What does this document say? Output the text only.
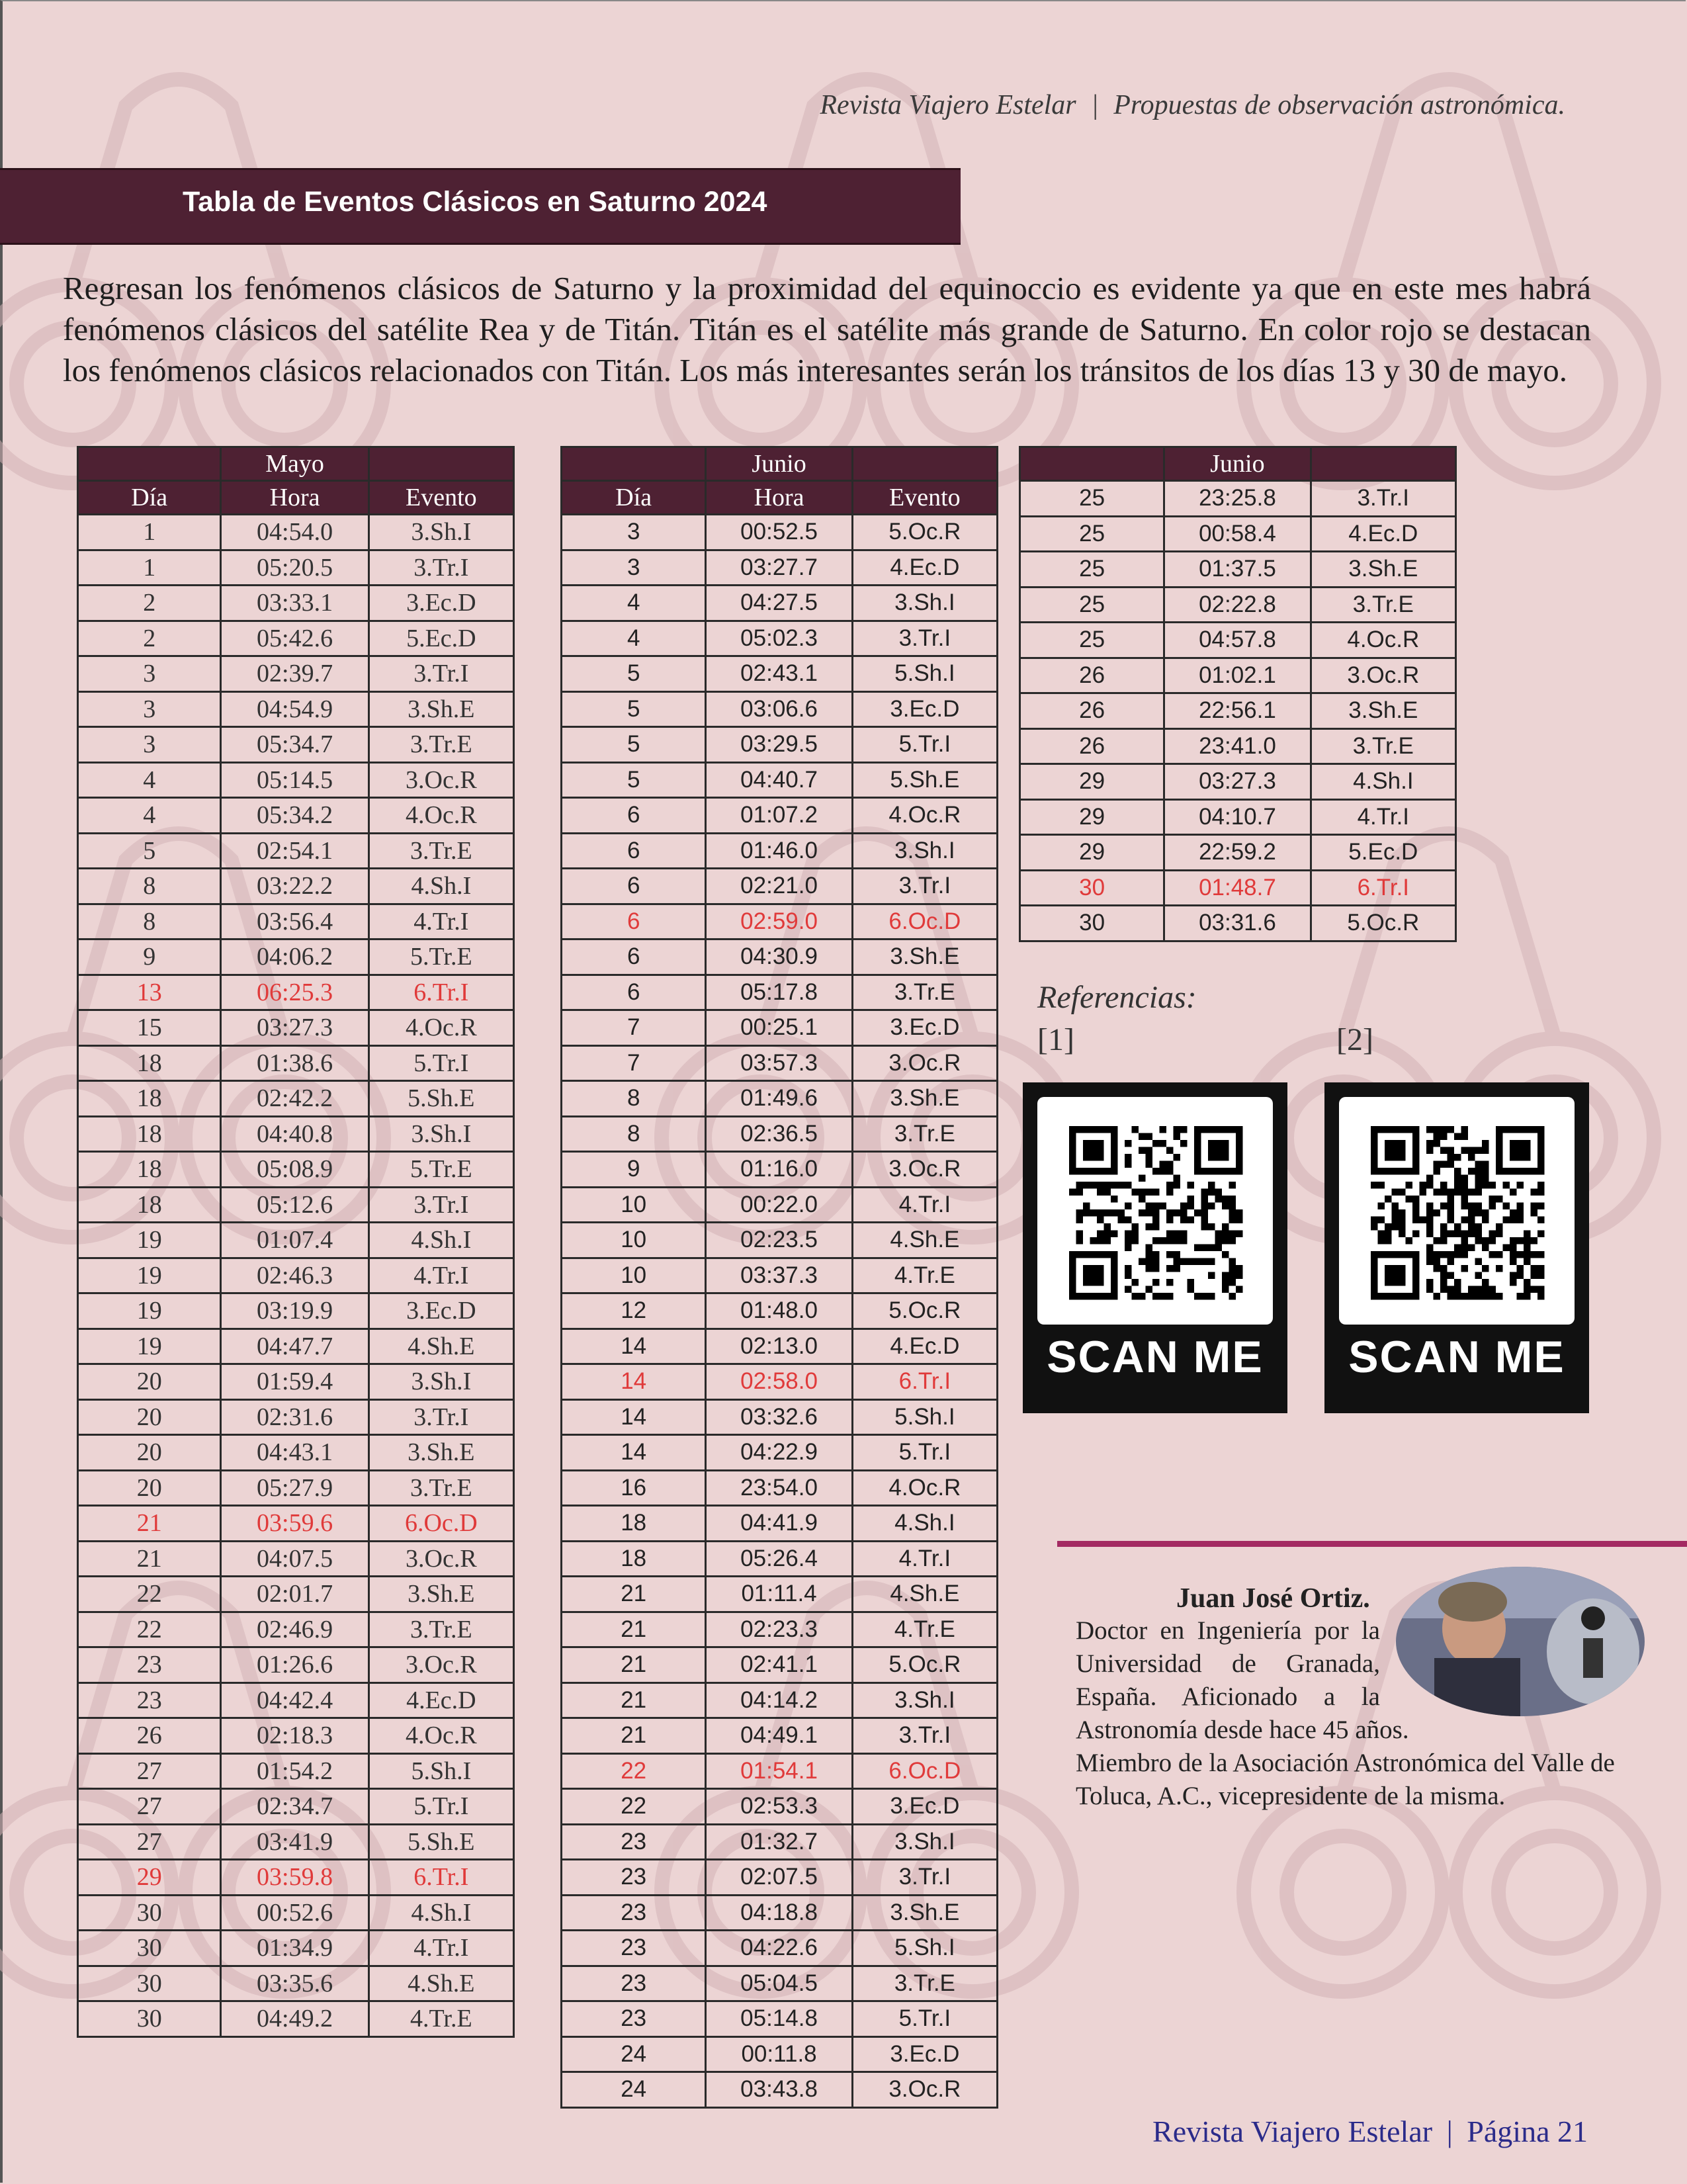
Revista Viajero Estelar | Propuestas de observación astronómica.
Tabla de Eventos Clásicos en Saturno 2024
Regresan los fenómenos clásicos de Saturno y la proximidad del equinoccio es evidente ya que en este mes habrá fenómenos clásicos del satélite Rea y de Titán. Titán es el satélite más grande de Saturno. En color rojo se destacan los fenómenos clásicos relacionados con Titán. Los más interesantes serán los tránsitos de los días 13 y 30 de mayo.
	Mayo	
Día	Hora	Evento
1	04:54.0	3.Sh.I
1	05:20.5	3.Tr.I
2	03:33.1	3.Ec.D
2	05:42.6	5.Ec.D
3	02:39.7	3.Tr.I
3	04:54.9	3.Sh.E
3	05:34.7	3.Tr.E
4	05:14.5	3.Oc.R
4	05:34.2	4.Oc.R
5	02:54.1	3.Tr.E
8	03:22.2	4.Sh.I
8	03:56.4	4.Tr.I
9	04:06.2	5.Tr.E
13	06:25.3	6.Tr.I
15	03:27.3	4.Oc.R
18	01:38.6	5.Tr.I
18	02:42.2	5.Sh.E
18	04:40.8	3.Sh.I
18	05:08.9	5.Tr.E
18	05:12.6	3.Tr.I
19	01:07.4	4.Sh.I
19	02:46.3	4.Tr.I
19	03:19.9	3.Ec.D
19	04:47.7	4.Sh.E
20	01:59.4	3.Sh.I
20	02:31.6	3.Tr.I
20	04:43.1	3.Sh.E
20	05:27.9	3.Tr.E
21	03:59.6	6.Oc.D
21	04:07.5	3.Oc.R
22	02:01.7	3.Sh.E
22	02:46.9	3.Tr.E
23	01:26.6	3.Oc.R
23	04:42.4	4.Ec.D
26	02:18.3	4.Oc.R
27	01:54.2	5.Sh.I
27	02:34.7	5.Tr.I
27	03:41.9	5.Sh.E
29	03:59.8	6.Tr.I
30	00:52.6	4.Sh.I
30	01:34.9	4.Tr.I
30	03:35.6	4.Sh.E
30	04:49.2	4.Tr.E
	Junio	
Día	Hora	Evento
3	00:52.5	5.Oc.R
3	03:27.7	4.Ec.D
4	04:27.5	3.Sh.I
4	05:02.3	3.Tr.I
5	02:43.1	5.Sh.I
5	03:06.6	3.Ec.D
5	03:29.5	5.Tr.I
5	04:40.7	5.Sh.E
6	01:07.2	4.Oc.R
6	01:46.0	3.Sh.I
6	02:21.0	3.Tr.I
6	02:59.0	6.Oc.D
6	04:30.9	3.Sh.E
6	05:17.8	3.Tr.E
7	00:25.1	3.Ec.D
7	03:57.3	3.Oc.R
8	01:49.6	3.Sh.E
8	02:36.5	3.Tr.E
9	01:16.0	3.Oc.R
10	00:22.0	4.Tr.I
10	02:23.5	4.Sh.E
10	03:37.3	4.Tr.E
12	01:48.0	5.Oc.R
14	02:13.0	4.Ec.D
14	02:58.0	6.Tr.I
14	03:32.6	5.Sh.I
14	04:22.9	5.Tr.I
16	23:54.0	4.Oc.R
18	04:41.9	4.Sh.I
18	05:26.4	4.Tr.I
21	01:11.4	4.Sh.E
21	02:23.3	4.Tr.E
21	02:41.1	5.Oc.R
21	04:14.2	3.Sh.I
21	04:49.1	3.Tr.I
22	01:54.1	6.Oc.D
22	02:53.3	3.Ec.D
23	01:32.7	3.Sh.I
23	02:07.5	3.Tr.I
23	04:18.8	3.Sh.E
23	04:22.6	5.Sh.I
23	05:04.5	3.Tr.E
23	05:14.8	5.Tr.I
24	00:11.8	3.Ec.D
24	03:43.8	3.Oc.R
	Junio	
25	23:25.8	3.Tr.I
25	00:58.4	4.Ec.D
25	01:37.5	3.Sh.E
25	02:22.8	3.Tr.E
25	04:57.8	4.Oc.R
26	01:02.1	3.Oc.R
26	22:56.1	3.Sh.E
26	23:41.0	3.Tr.E
29	03:27.3	4.Sh.I
29	04:10.7	4.Tr.I
29	22:59.2	5.Ec.D
30	01:48.7	6.Tr.I
30	03:31.6	5.Oc.R
Referencias:
[1]	[2]
SCAN ME	SCAN ME
Juan José Ortiz.
Doctor en Ingeniería por la
Universidad de Granada,
España. Aficionado a la
Astronomía desde hace 45 años.
Miembro de la Asociación Astronómica del Valle de
Toluca, A.C., vicepresidente de la misma.
Revista Viajero Estelar | Página 21
